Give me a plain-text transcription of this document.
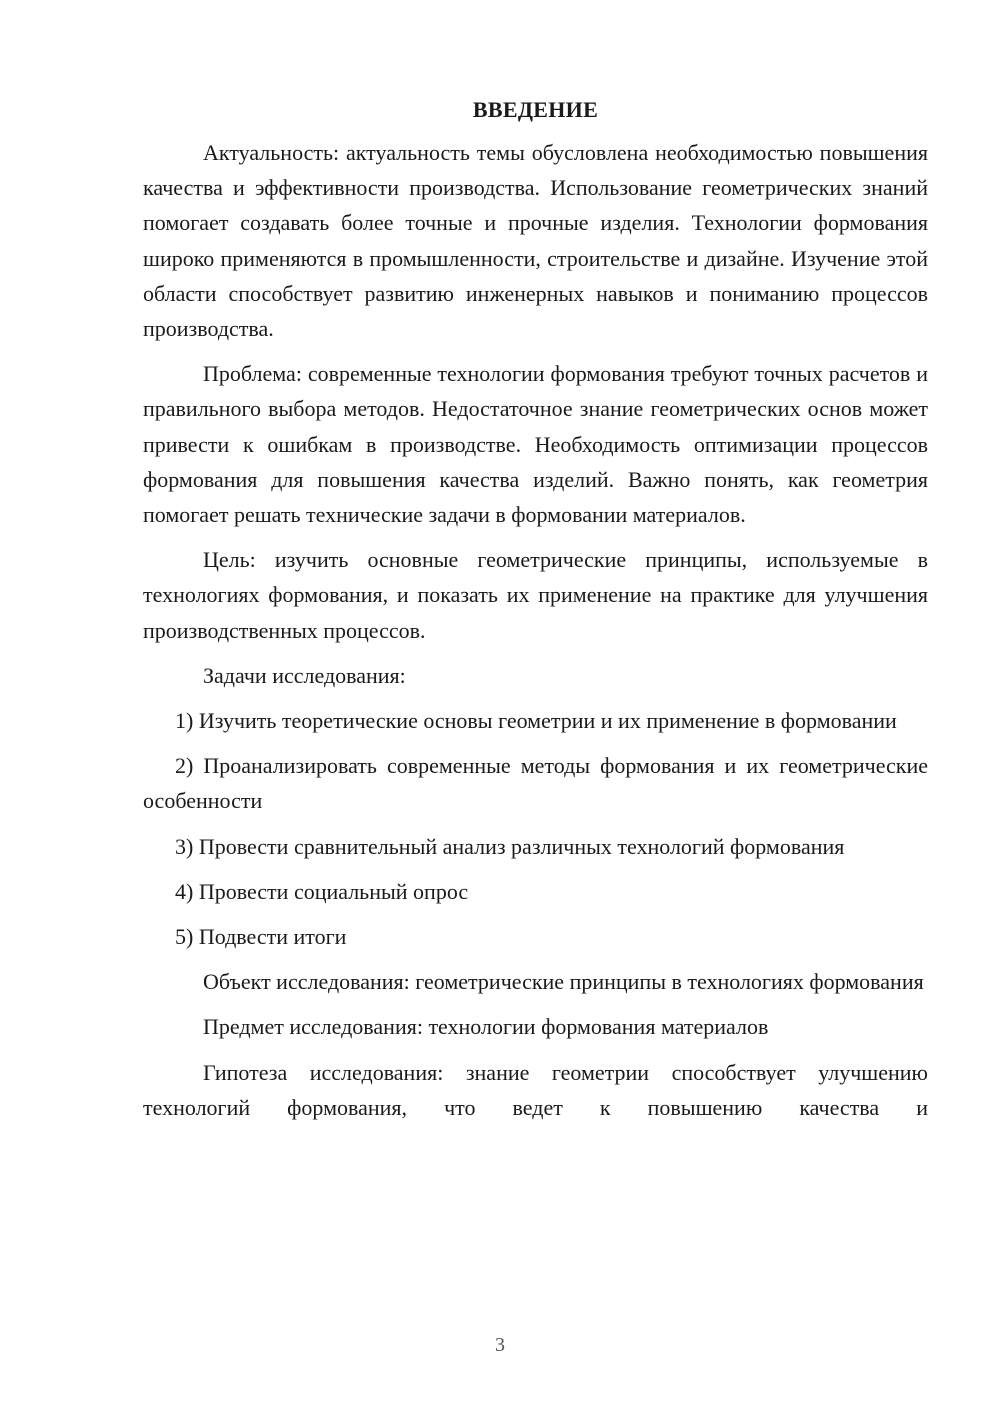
ВВЕДЕНИЕ

Актуальность: актуальность темы обусловлена необходимостью повышения качества и эффективности производства. Использование геометрических знаний помогает создавать более точные и прочные изделия. Технологии формования широко применяются в промышленности, строительстве и дизайне. Изучение этой области способствует развитию инженерных навыков и пониманию процессов производства.

Проблема: современные технологии формования требуют точных расчетов и правильного выбора методов. Недостаточное знание геометрических основ может привести к ошибкам в производстве. Необходимость оптимизации процессов формования для повышения качества изделий. Важно понять, как геометрия помогает решать технические задачи в формовании материалов.

Цель: изучить основные геометрические принципы, используемые в технологиях формования, и показать их применение на практике для улучшения производственных процессов.

Задачи исследования:

1) Изучить теоретические основы геометрии и их применение в формовании

2) Проанализировать современные методы формования и их геометрические особенности

3) Провести сравнительный анализ различных технологий формования

4) Провести социальный опрос

5) Подвести итоги

Объект исследования: геометрические принципы в технологиях формования

Предмет исследования: технологии формования материалов

Гипотеза исследования: знание геометрии способствует улучшению технологий формования, что ведет к повышению качества и

3
